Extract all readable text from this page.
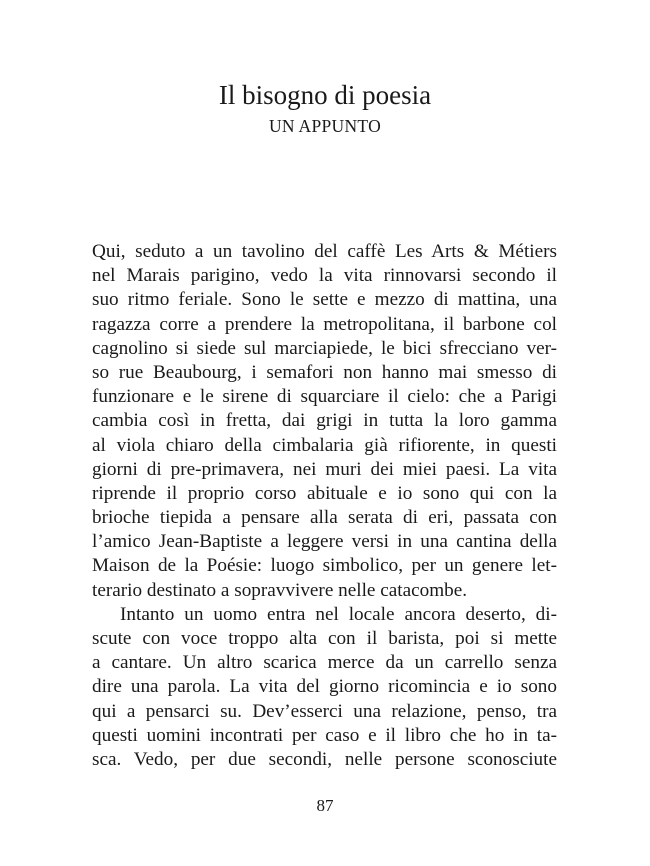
Il bisogno di poesia
UN APPUNTO
Qui, seduto a un tavolino del caffè Les Arts & Métiers
nel Marais parigino, vedo la vita rinnovarsi secondo il
suo ritmo feriale. Sono le sette e mezzo di mattina, una
ragazza corre a prendere la metropolitana, il barbone col
cagnolino si siede sul marciapiede, le bici sfrecciano ver-
so rue Beaubourg, i semafori non hanno mai smesso di
funzionare e le sirene di squarciare il cielo: che a Parigi
cambia così in fretta, dai grigi in tutta la loro gamma
al viola chiaro della cimbalaria già rifiorente, in questi
giorni di pre-primavera, nei muri dei miei paesi. La vita
riprende il proprio corso abituale e io sono qui con la
brioche tiepida a pensare alla serata di eri, passata con
l’amico Jean-Baptiste a leggere versi in una cantina della
Maison de la Poésie: luogo simbolico, per un genere let-
terario destinato a sopravvivere nelle catacombe.
Intanto un uomo entra nel locale ancora deserto, di-
scute con voce troppo alta con il barista, poi si mette
a cantare. Un altro scarica merce da un carrello senza
dire una parola. La vita del giorno ricomincia e io sono
qui a pensarci su. Dev’esserci una relazione, penso, tra
questi uomini incontrati per caso e il libro che ho in ta-
sca. Vedo, per due secondi, nelle persone sconosciute
87
